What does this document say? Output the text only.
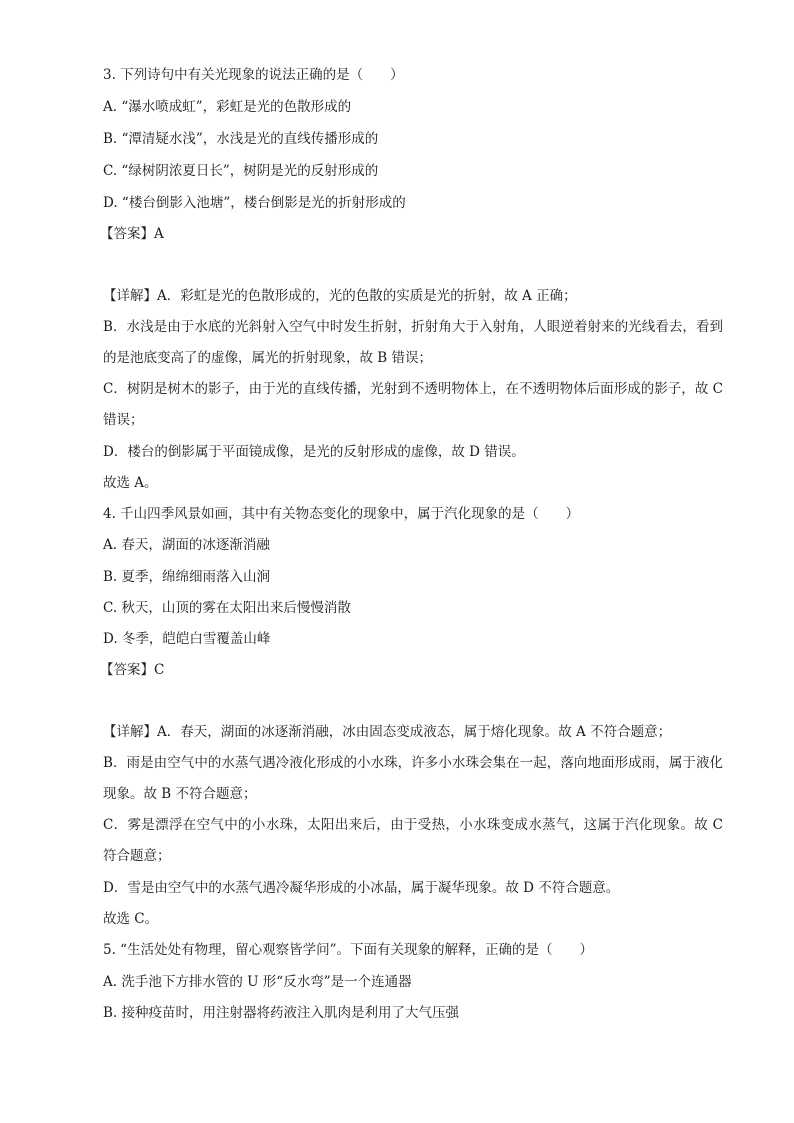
3. 下列诗句中有关光现象的说法正确的是（　　）
A. “瀑水喷成虹”，彩虹是光的色散形成的
B. “潭清疑水浅”，水浅是光的直线传播形成的
C. “绿树阴浓夏日长”，树阴是光的反射形成的
D. “楼台倒影入池塘”，楼台倒影是光的折射形成的
【答案】A
【详解】A．彩虹是光的色散形成的，光的色散的实质是光的折射，故 A 正确；
B．水浅是由于水底的光斜射入空气中时发生折射，折射角大于入射角，人眼逆着射来的光线看去，看到的是池底变高了的虚像，属光的折射现象，故 B 错误；
C．树阴是树木的影子，由于光的直线传播，光射到不透明物体上，在不透明物体后面形成的影子，故 C 错误；
D．楼台的倒影属于平面镜成像，是光的反射形成的虚像，故 D 错误。
故选 A。
4. 千山四季风景如画，其中有关物态变化的现象中，属于汽化现象的是（　　）
A. 春天，湖面的冰逐渐消融
B. 夏季，绵绵细雨落入山涧
C. 秋天，山顶的雾在太阳出来后慢慢消散
D. 冬季，皑皑白雪覆盖山峰
【答案】C
【详解】A．春天，湖面的冰逐渐消融，冰由固态变成液态，属于熔化现象。故 A 不符合题意；
B．雨是由空气中的水蒸气遇冷液化形成的小水珠，许多小水珠会集在一起，落向地面形成雨，属于液化现象。故 B 不符合题意；
C．雾是漂浮在空气中的小水珠，太阳出来后，由于受热，小水珠变成水蒸气，这属于汽化现象。故 C 符合题意；
D．雪是由空气中的水蒸气遇冷凝华形成的小冰晶，属于凝华现象。故 D 不符合题意。
故选 C。
5. “生活处处有物理，留心观察皆学问”。下面有关现象的解释，正确的是（　　）
A. 洗手池下方排水管的 U 形“反水弯”是一个连通器
B. 接种疫苗时，用注射器将药液注入肌肉是利用了大气压强
